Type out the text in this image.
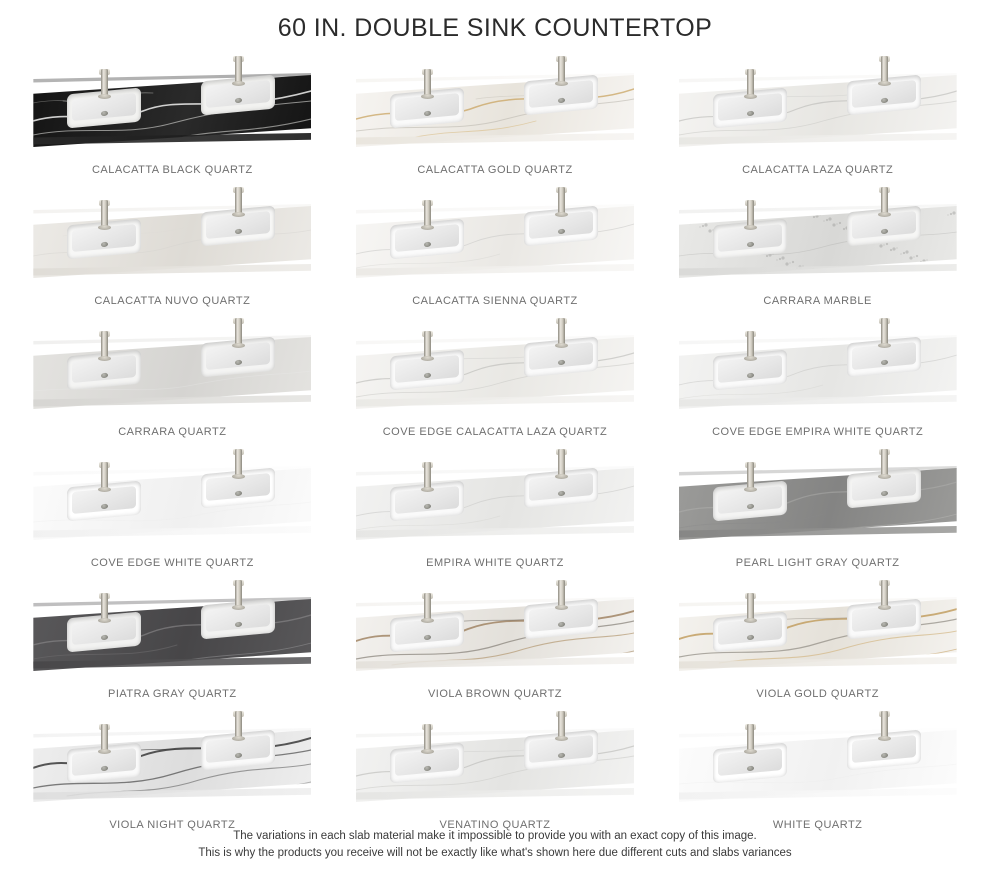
60 IN. DOUBLE SINK COUNTERTOP
CALACATTA BLACK QUARTZ	CALACATTA GOLD QUARTZ	CALACATTA LAZA QUARTZ
CALACATTA NUVO QUARTZ	CALACATTA SIENNA QUARTZ	CARRARA MARBLE
CARRARA QUARTZ	COVE EDGE CALACATTA LAZA QUARTZ	COVE EDGE EMPIRA WHITE QUARTZ
COVE EDGE WHITE QUARTZ	EMPIRA WHITE QUARTZ	PEARL LIGHT GRAY QUARTZ
PIATRA GRAY QUARTZ	VIOLA BROWN QUARTZ	VIOLA GOLD QUARTZ
VIOLA NIGHT QUARTZ	VENATINO QUARTZ	WHITE QUARTZ
The variations in each slab material make it impossible to provide you with an exact copy of this image.
This is why the products you receive will not be exactly like what's shown here due different cuts and slabs variances
